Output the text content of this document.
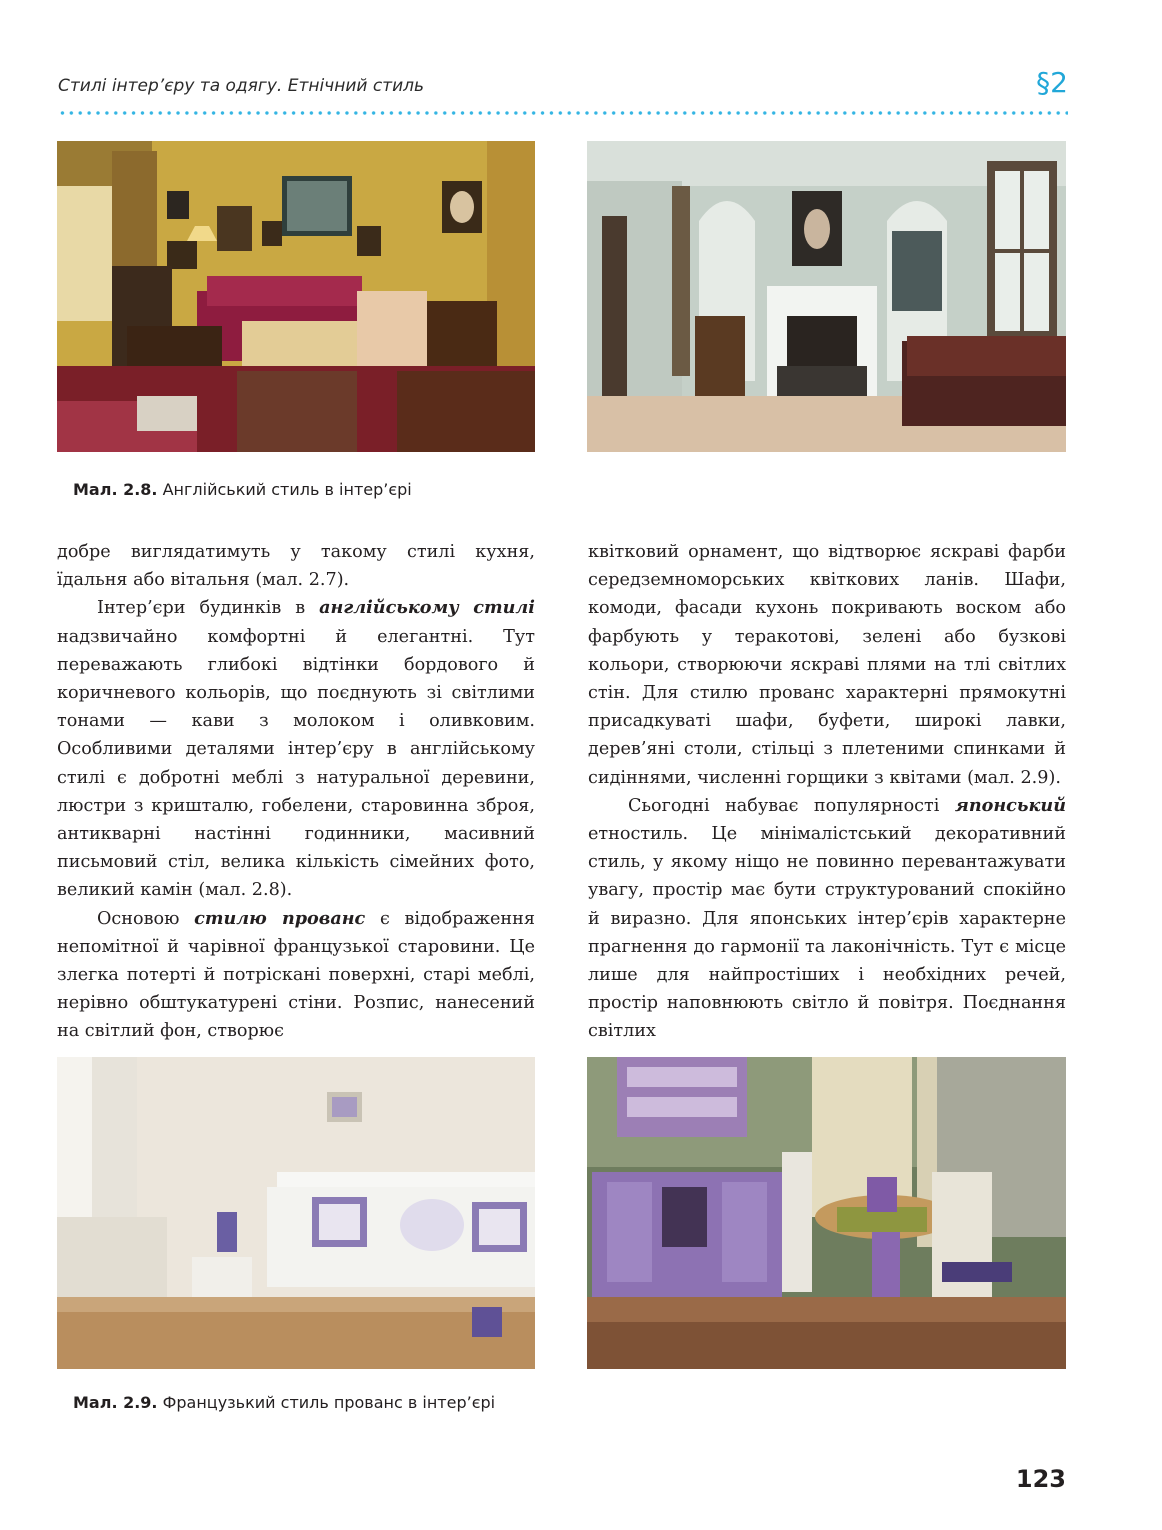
Стилі інтер’єру та одягу. Етнічний стиль	§2
Мал. 2.8. Англійський стиль в інтер’єрі

добре виглядатимуть у такому стилі кухня, їдальня або вітальня (мал. 2.7).

Інтер’єри будинків в англійському стилі надзвичайно комфортні й елегантні. Тут переважають глибокі відтінки бордового й коричневого кольорів, що поєднують зі світлими тонами — кави з молоком і оливковим. Особливими деталями інтер’єру в англійському стилі є добротні меблі з натуральної деревини, люстри з кришталю, гобелени, старовинна зброя, антикварні настінні годинники, масивний письмовий стіл, велика кількість сімейних фото, великий камін (мал. 2.8).

Основою стилю прованс є відображення непомітної й чарівної французької старовини. Це злегка потерті й потріскані поверхні, старі меблі, нерівно обштукатурені стіни. Розпис, нанесений на світлий фон, створює

квітковий орнамент, що відтворює яскраві фарби середземноморських квіткових ланів. Шафи, комоди, фасади кухонь покривають воском або фарбують у теракотові, зелені або бузкові кольори, створюючи яскраві плями на тлі світлих стін. Для стилю прованс характерні прямокутні присадкуваті шафи, буфети, широкі лавки, дерев’яні столи, стільці з плетеними спинками й сидіннями, численні горщики з квітами (мал. 2.9).

Сьогодні набуває популярності японський етностиль. Це мінімалістський декоративний стиль, у якому ніщо не повинно перевантажувати увагу, простір має бути структурований спокійно й виразно. Для японських інтер’єрів характерне прагнення до гармонії та лаконічність. Тут є місце лише для найпростіших і необхідних речей, простір наповнюють світло й повітря. Поєднання світлих

Мал. 2.9. Французький стиль прованс в інтер’єрі
123
